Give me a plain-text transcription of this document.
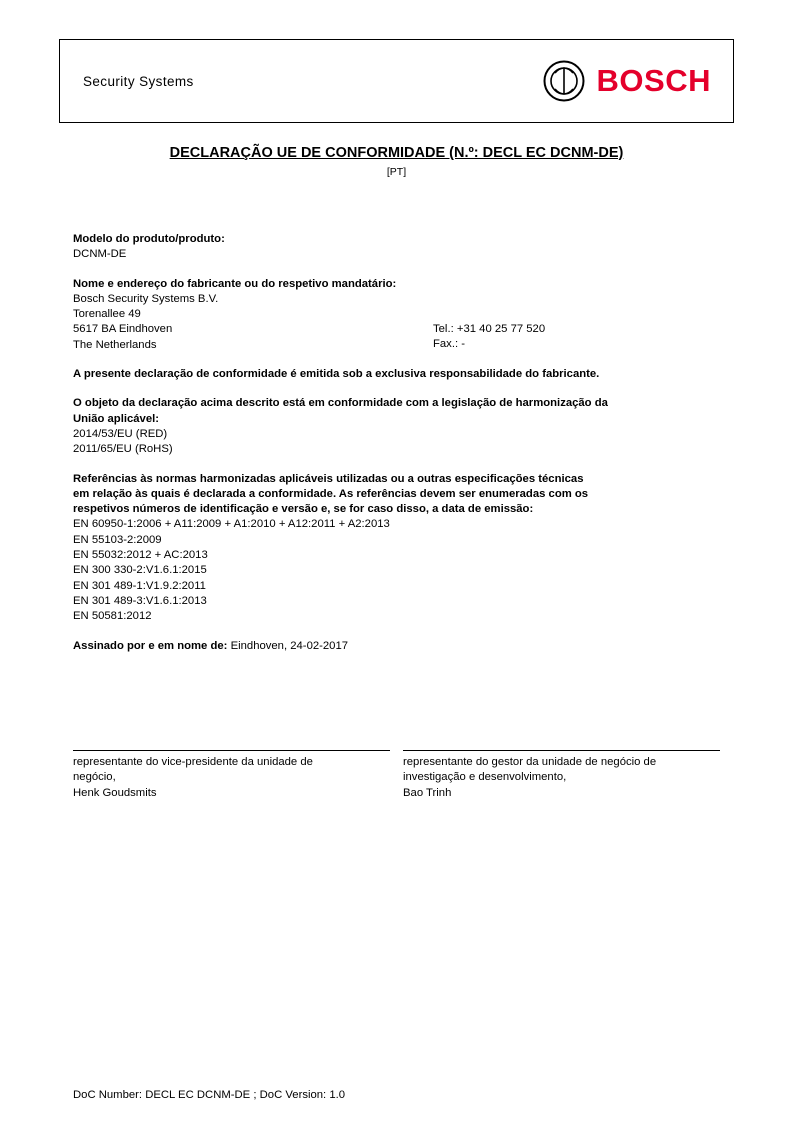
Security Systems	BOSCH
DECLARAÇÃO UE DE CONFORMIDADE (N.º: DECL EC DCNM-DE)
[PT]
Modelo do produto/produto:
DCNM-DE
Nome e endereço do fabricante ou do respetivo mandatário:
Bosch Security Systems B.V.
Torenallee 49
5617 BA Eindhoven
The Netherlands
Tel.: +31 40 25 77 520
Fax.: -
A presente declaração de conformidade é emitida sob a exclusiva responsabilidade do fabricante.
O objeto da declaração acima descrito está em conformidade com a legislação de harmonização da
União aplicável:
2014/53/EU (RED)
2011/65/EU (RoHS)
Referências às normas harmonizadas aplicáveis utilizadas ou a outras especificações técnicas
em relação às quais é declarada a conformidade. As referências devem ser enumeradas com os
respetivos números de identificação e versão e, se for caso disso, a data de emissão:
EN 60950-1:2006 + A11:2009 + A1:2010 + A12:2011 + A2:2013
EN 55103-2:2009
EN 55032:2012 + AC:2013
EN 300 330-2:V1.6.1:2015
EN 301 489-1:V1.9.2:2011
EN 301 489-3:V1.6.1:2013
EN 50581:2012
Assinado por e em nome de: Eindhoven, 24-02-2017
representante do vice-presidente da unidade de
negócio,
Henk Goudsmits
representante do gestor da unidade de negócio de
investigação e desenvolvimento,
Bao Trinh
DoC Number: DECL EC DCNM-DE ; DoC Version: 1.0
